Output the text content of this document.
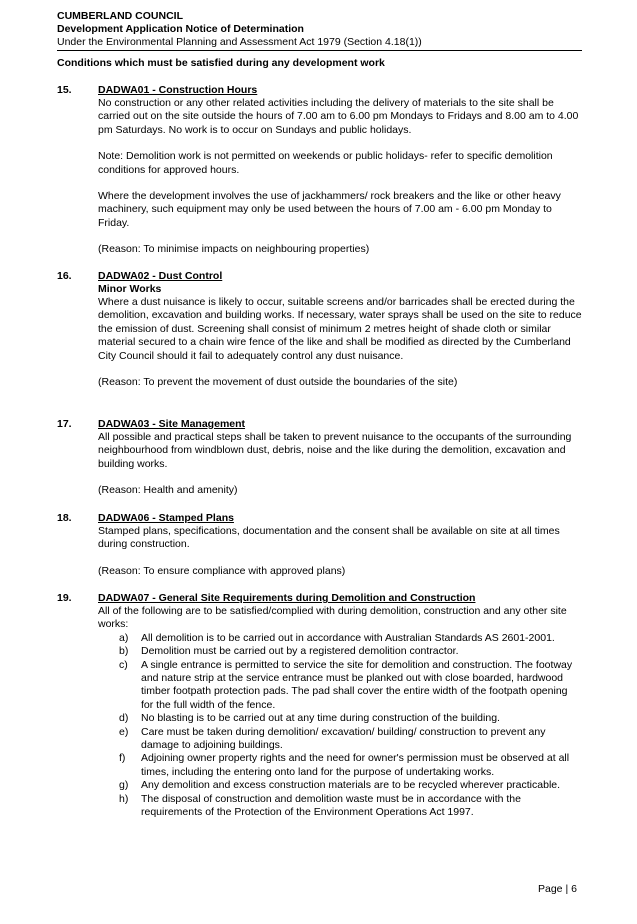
CUMBERLAND COUNCIL
Development Application Notice of Determination
Under the Environmental Planning and Assessment Act 1979 (Section 4.18(1))
Conditions which must be satisfied during any development work
15.	DADWA01 - Construction Hours

No construction or any other related activities including the delivery of materials to the site shall be carried out on the site outside the hours of 7.00 am to 6.00 pm Mondays to Fridays and 8.00 am to 4.00 pm Saturdays. No work is to occur on Sundays and public holidays.

Note: Demolition work is not permitted on weekends or public holidays- refer to specific demolition conditions for approved hours.

Where the development involves the use of jackhammers/ rock breakers and the like or other heavy machinery, such equipment may only be used between the hours of 7.00 am - 6.00 pm Monday to Friday.

(Reason: To minimise impacts on neighbouring properties)

16.	DADWA02 - Dust Control
Minor Works

Where a dust nuisance is likely to occur, suitable screens and/or barricades shall be erected during the demolition, excavation and building works. If necessary, water sprays shall be used on the site to reduce the emission of dust. Screening shall consist of minimum 2 metres height of shade cloth or similar material secured to a chain wire fence of the like and shall be modified as directed by the Cumberland City Council should it fail to adequately control any dust nuisance.

(Reason: To prevent the movement of dust outside the boundaries of the site)

17.	DADWA03 - Site Management

All possible and practical steps shall be taken to prevent nuisance to the occupants of the surrounding neighbourhood from windblown dust, debris, noise and the like during the demolition, excavation and building works.

(Reason: Health and amenity)

18.	DADWA06 - Stamped Plans

Stamped plans, specifications, documentation and the consent shall be available on site at all times during construction.

(Reason: To ensure compliance with approved plans)

19.	DADWA07 - General Site Requirements during Demolition and Construction

All of the following are to be satisfied/complied with during demolition, construction and any other site works:

a) All demolition is to be carried out in accordance with Australian Standards AS 2601-2001.
b) Demolition must be carried out by a registered demolition contractor.
c) A single entrance is permitted to service the site for demolition and construction. The footway and nature strip at the service entrance must be planked out with close boarded, hardwood timber footpath protection pads. The pad shall cover the entire width of the footpath opening for the full width of the fence.
d) No blasting is to be carried out at any time during construction of the building.
e) Care must be taken during demolition/ excavation/ building/ construction to prevent any damage to adjoining buildings.
f) Adjoining owner property rights and the need for owner's permission must be observed at all times, including the entering onto land for the purpose of undertaking works.
g) Any demolition and excess construction materials are to be recycled wherever practicable.
h) The disposal of construction and demolition waste must be in accordance with the requirements of the Protection of the Environment Operations Act 1997.
Page | 6
